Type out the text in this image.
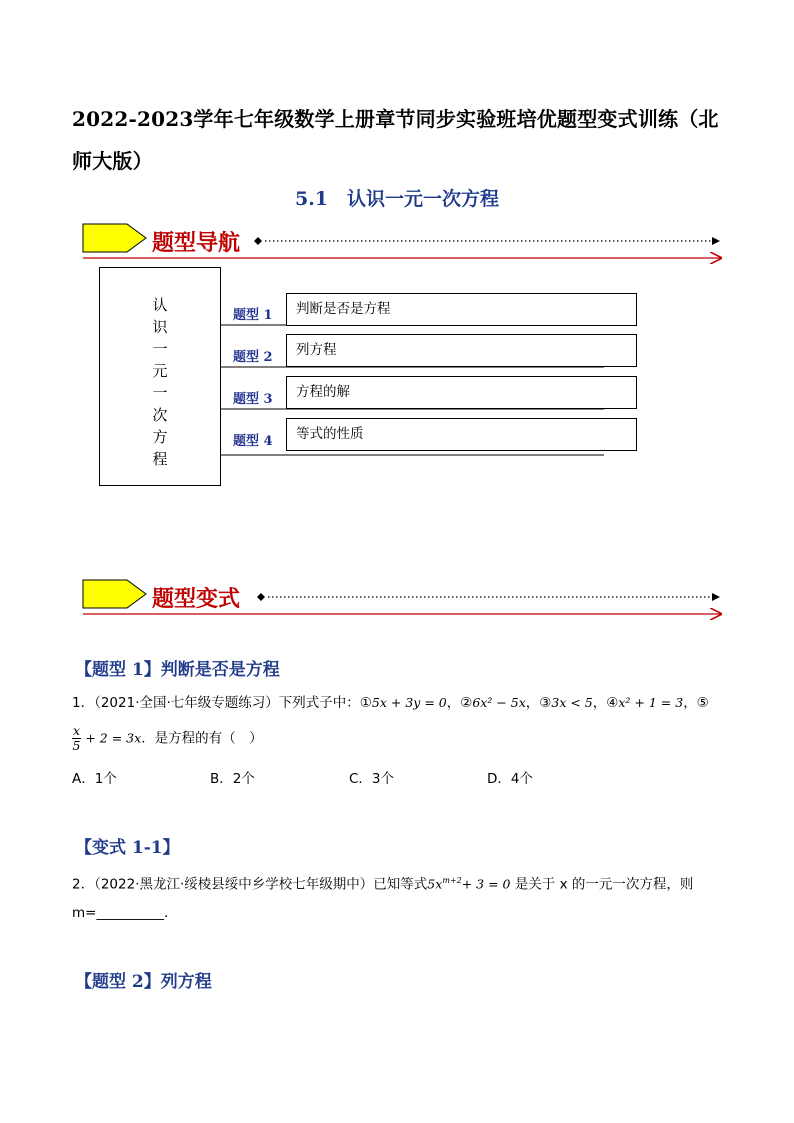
2022-2023学年七年级数学上册章节同步实验班培优题型变式训练（北师大版）
5.1　认识一元一次方程
题型导航
题型变式
认
识
一
元
一
次
方
程
题型 1	判断是否是方程
题型 2	列方程
题型 3	方程的解
题型 4	等式的性质
【题型 1】判断是否是方程
1．（2021·全国·七年级专题练习）下列式子中：①5x + 3y = 0，②6x² − 5x，③3x < 5，④x² + 1 = 3，⑤
$\frac{x}{5} + 2 = 3x$．是方程的有（　）
A．1个	B．2个	C．3个	D．4个
【变式 1-1】
2．（2022·黑龙江·绥棱县绥中乡学校七年级期中）已知等式$5x^{m+2}+ 3 = 0$ 是关于 x 的一元一次方程，则
m=__________．
【题型 2】列方程
